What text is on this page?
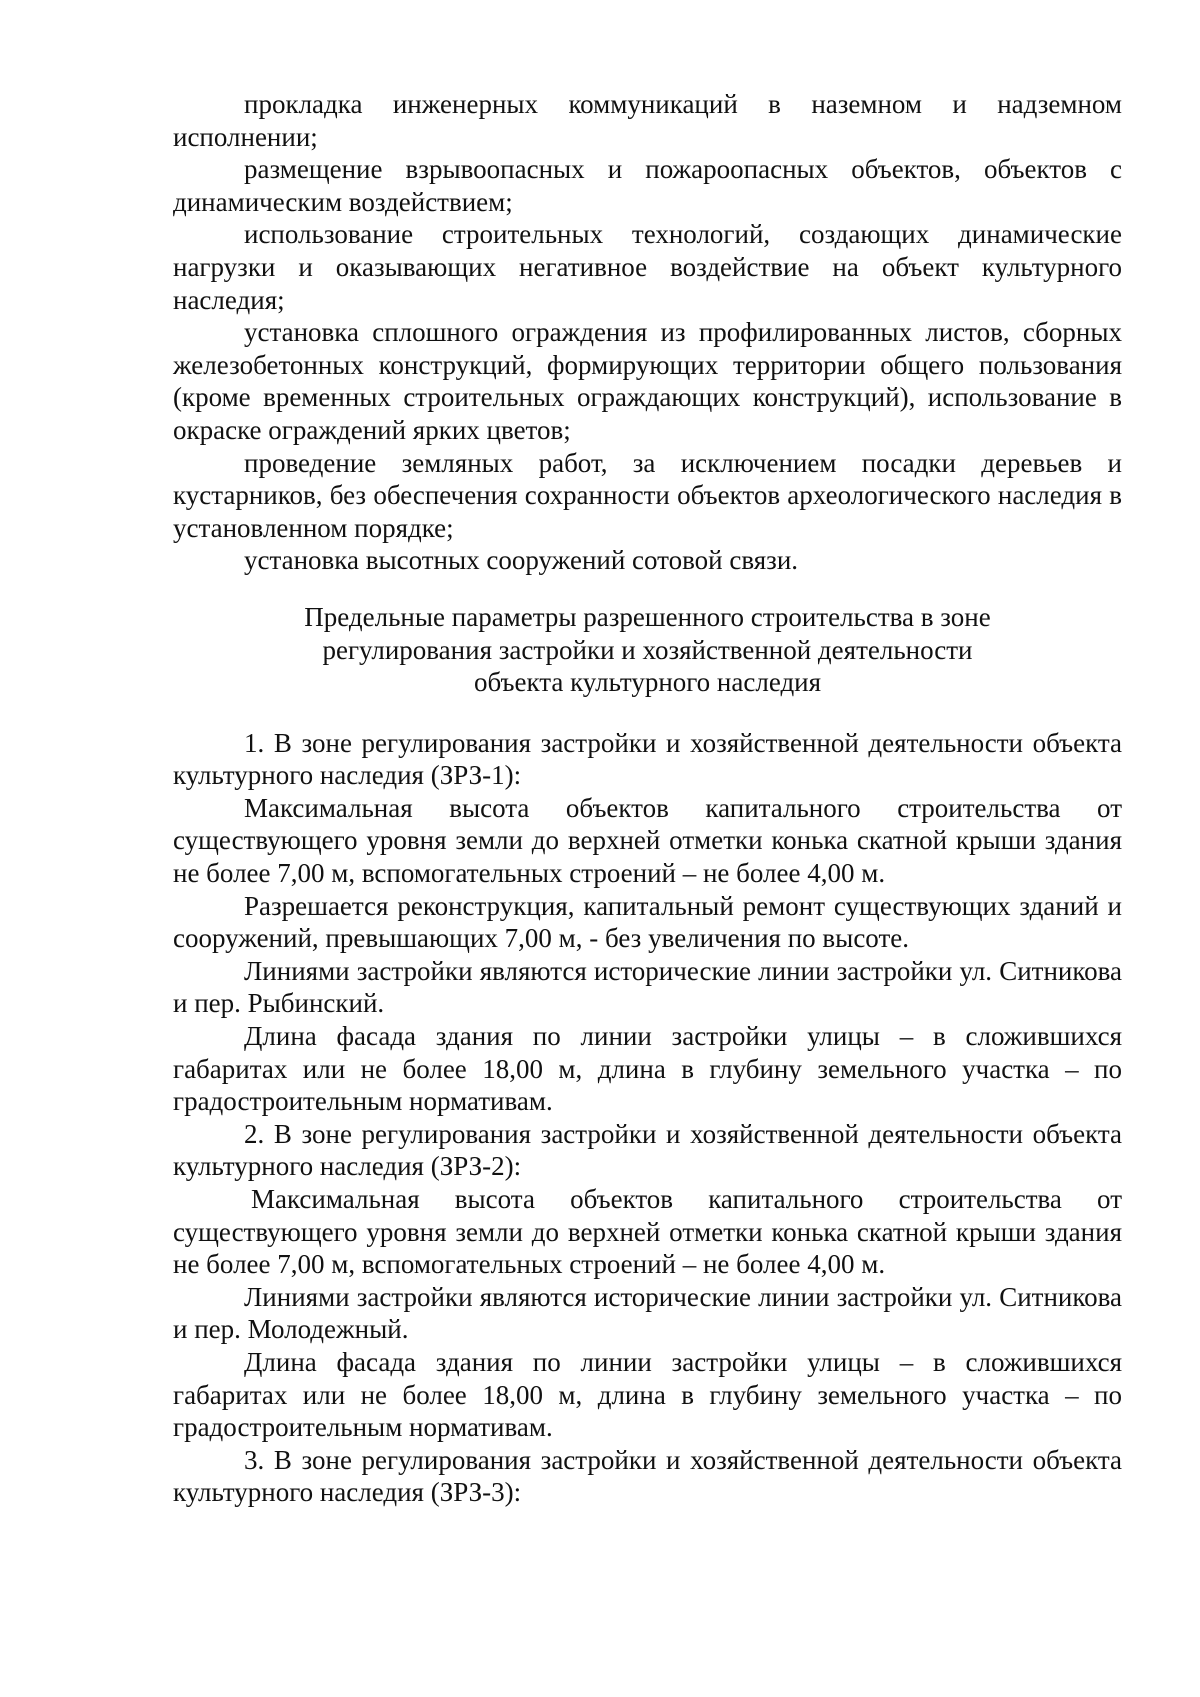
прокладка инженерных коммуникаций в наземном и надземном исполнении;

размещение взрывоопасных и пожароопасных объектов, объектов с динамическим воздействием;

использование строительных технологий, создающих динамические нагрузки и оказывающих негативное воздействие на объект культурного наследия;

установка сплошного ограждения из профилированных листов, сборных железобетонных конструкций, формирующих территории общего пользования (кроме временных строительных ограждающих конструкций), использование в окраске ограждений ярких цветов;

проведение земляных работ, за исключением посадки деревьев и кустарников, без обеспечения сохранности объектов археологического наследия в установленном порядке;

установка высотных сооружений сотовой связи.

Предельные параметры разрешенного строительства в зоне
регулирования застройки и хозяйственной деятельности
объекта культурного наследия

1. В зоне регулирования застройки и хозяйственной деятельности объекта культурного наследия (ЗРЗ-1):

Максимальная высота объектов капитального строительства от существующего уровня земли до верхней отметки конька скатной крыши здания не более 7,00 м, вспомогательных строений – не более 4,00 м.

Разрешается реконструкция, капитальный ремонт существующих зданий и сооружений, превышающих 7,00 м, - без увеличения по высоте.

Линиями застройки являются исторические линии застройки ул. Ситникова и пер. Рыбинский.

Длина фасада здания по линии застройки улицы – в сложившихся габаритах или не более 18,00 м, длина в глубину земельного участка – по градостроительным нормативам.

2. В зоне регулирования застройки и хозяйственной деятельности объекта культурного наследия (ЗРЗ-2):

Максимальная высота объектов капитального строительства от существующего уровня земли до верхней отметки конька скатной крыши здания не более 7,00 м, вспомогательных строений – не более 4,00 м.

Линиями застройки являются исторические линии застройки ул. Ситникова и пер. Молодежный.

Длина фасада здания по линии застройки улицы – в сложившихся габаритах или не более 18,00 м, длина в глубину земельного участка – по градостроительным нормативам.

3. В зоне регулирования застройки и хозяйственной деятельности объекта культурного наследия (ЗРЗ-3):
